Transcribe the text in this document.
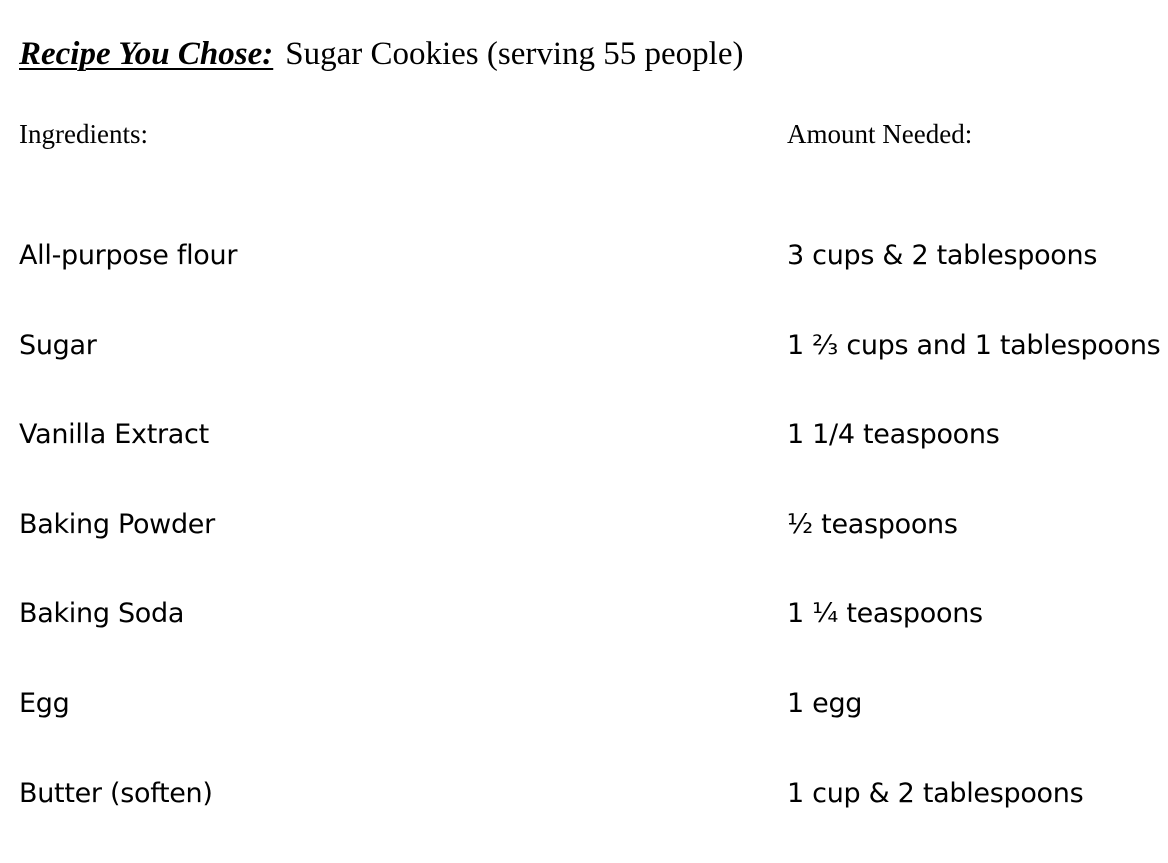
Recipe You Chose: Sugar Cookies (serving 55 people)
Ingredients:	Amount Needed:
All-purpose flour	3 cups & 2 tablespoons
Sugar	1 ⅔ cups and 1 tablespoons
Vanilla Extract	1 1/4 teaspoons
Baking Powder	½ teaspoons
Baking Soda	1 ¼ teaspoons
Egg	1 egg
Butter (soften)	1 cup & 2 tablespoons
